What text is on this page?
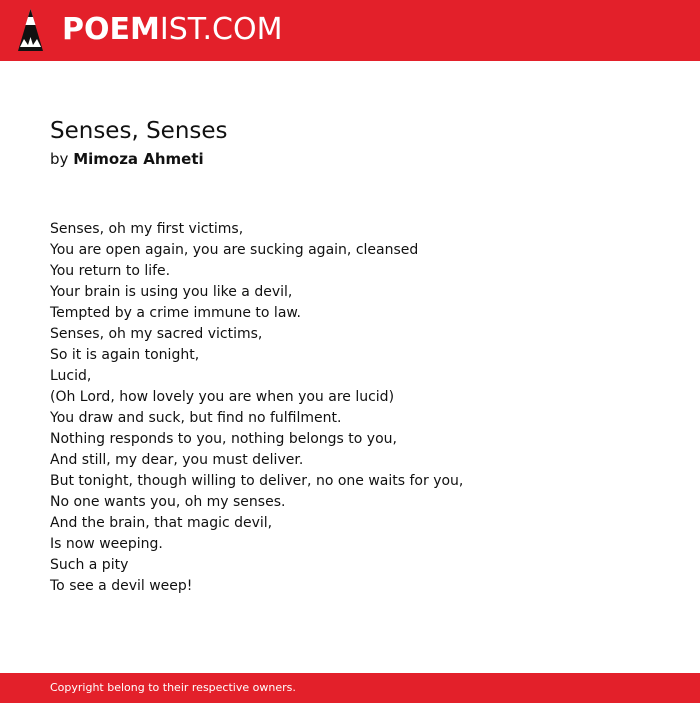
POEMIST.COM
Senses, Senses
by Mimoza Ahmeti
Senses, oh my first victims,
You are open again, you are sucking again, cleansed
You return to life.
Your brain is using you like a devil,
Tempted by a crime immune to law.
Senses, oh my sacred victims,
So it is again tonight,
Lucid,
(Oh Lord, how lovely you are when you are lucid)
You draw and suck, but find no fulfilment.
Nothing responds to you, nothing belongs to you,
And still, my dear, you must deliver.
But tonight, though willing to deliver, no one waits for you,
No one wants you, oh my senses.
And the brain, that magic devil,
Is now weeping.
Such a pity
To see a devil weep!
Copyright belong to their respective owners.
